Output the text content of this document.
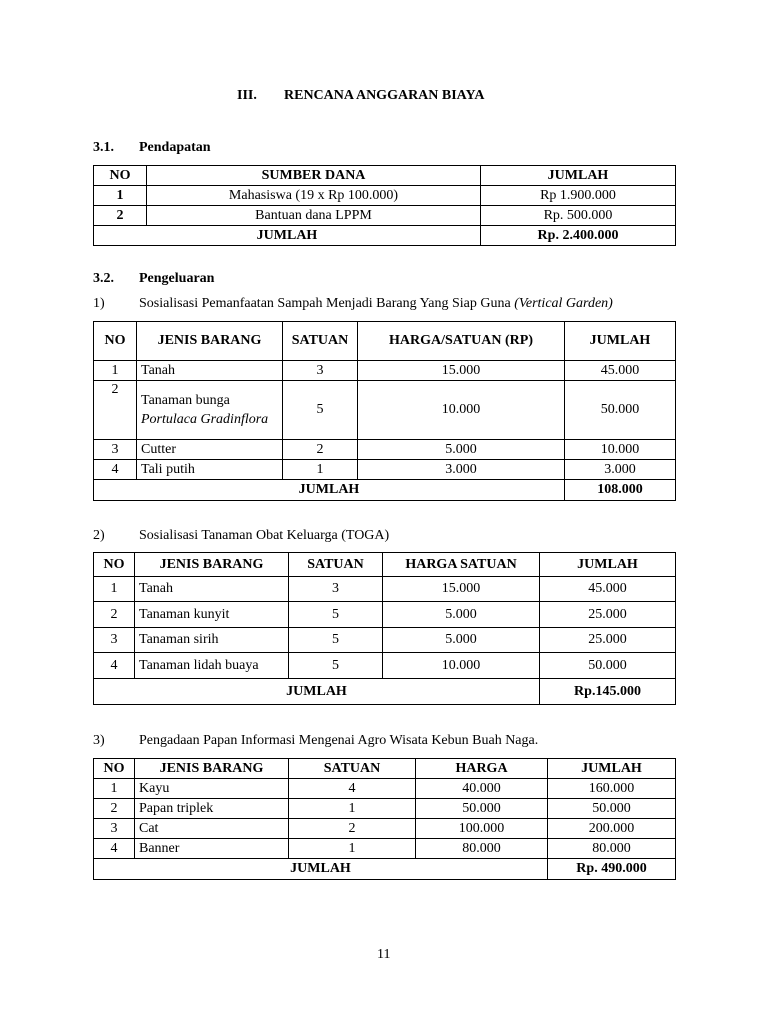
III. RENCANA ANGGARAN BIAYA
3.1. Pendapatan
NO	SUMBER DANA	JUMLAH
1	Mahasiswa (19 x Rp 100.000)	Rp 1.900.000
2	Bantuan dana LPPM	Rp. 500.000
JUMLAH		Rp. 2.400.000
3.2. Pengeluaran
1) Sosialisasi Pemanfaatan Sampah Menjadi Barang Yang Siap Guna (Vertical Garden)
NO	JENIS BARANG	SATUAN	HARGA/SATUAN (RP)	JUMLAH
1	Tanah	3	15.000	45.000
2	Tanaman bunga
Portulaca Gradinflora	5	10.000	50.000
3	Cutter	2	5.000	10.000
4	Tali putih	1	3.000	3.000
JUMLAH				108.000
2) Sosialisasi Tanaman Obat Keluarga (TOGA)
NO	JENIS BARANG	SATUAN	HARGA SATUAN	JUMLAH
1	Tanah	3	15.000	45.000
2	Tanaman kunyit	5	5.000	25.000
3	Tanaman sirih	5	5.000	25.000
4	Tanaman lidah buaya	5	10.000	50.000
JUMLAH				Rp.145.000
3) Pengadaan Papan Informasi Mengenai Agro Wisata Kebun Buah Naga.
NO	JENIS BARANG	SATUAN	HARGA	JUMLAH
1	Kayu	4	40.000	160.000
2	Papan triplek	1	50.000	50.000
3	Cat	2	100.000	200.000
4	Banner	1	80.000	80.000
JUMLAH				Rp. 490.000
11
